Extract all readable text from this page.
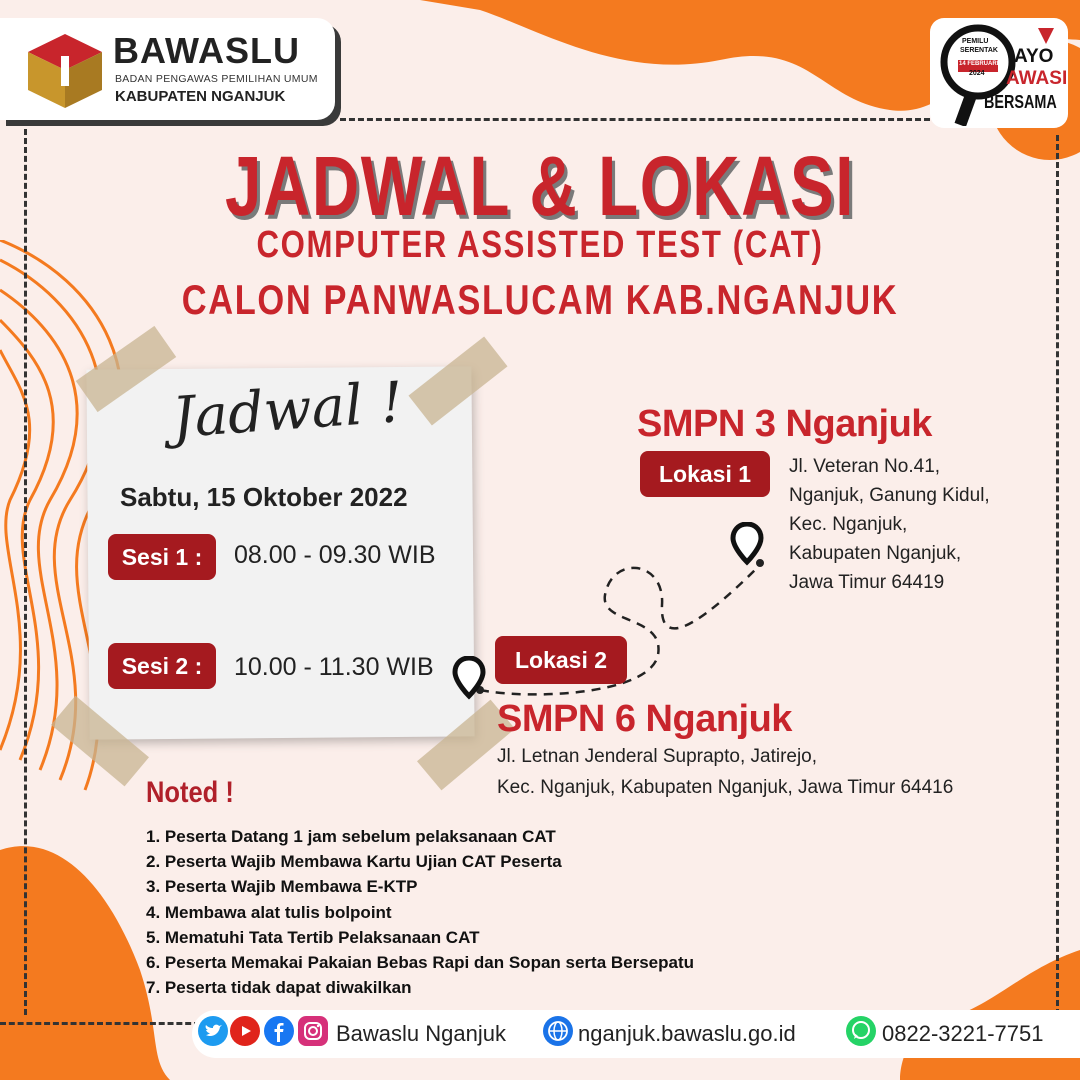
BAWASLU
BADAN PENGAWAS PEMILIHAN UMUM
KABUPATEN NGANJUK
PEMILU
SERENTAK
14 FEBRUARI
2024
AYO
AWASI
BERSAMA
JADWAL & LOKASI
COMPUTER ASSISTED TEST (CAT)
CALON PANWASLUCAM KAB.NGANJUK
Jadwal !
Sabtu, 15 Oktober 2022
Sesi 1 :	08.00 - 09.30 WIB
Sesi 2 :	10.00 - 11.30 WIB
SMPN 3 Nganjuk
Lokasi 1	Jl. Veteran No.41,
Nganjuk, Ganung Kidul,
Kec. Nganjuk,
Kabupaten Nganjuk,
Jawa Timur 64419
Lokasi 2
SMPN 6 Nganjuk
Jl. Letnan Jenderal Suprapto, Jatirejo,
Kec. Nganjuk, Kabupaten Nganjuk, Jawa Timur 64416
Noted !
1. Peserta Datang 1 jam sebelum pelaksanaan CAT
2. Peserta Wajib Membawa Kartu Ujian CAT Peserta
3. Peserta Wajib Membawa E-KTP
4. Membawa alat tulis bolpoint
5. Mematuhi Tata Tertib Pelaksanaan CAT
6. Peserta Memakai Pakaian Bebas Rapi dan Sopan serta Bersepatu
7. Peserta tidak dapat diwakilkan
Bawaslu Nganjuk	nganjuk.bawaslu.go.id	0822-3221-7751
